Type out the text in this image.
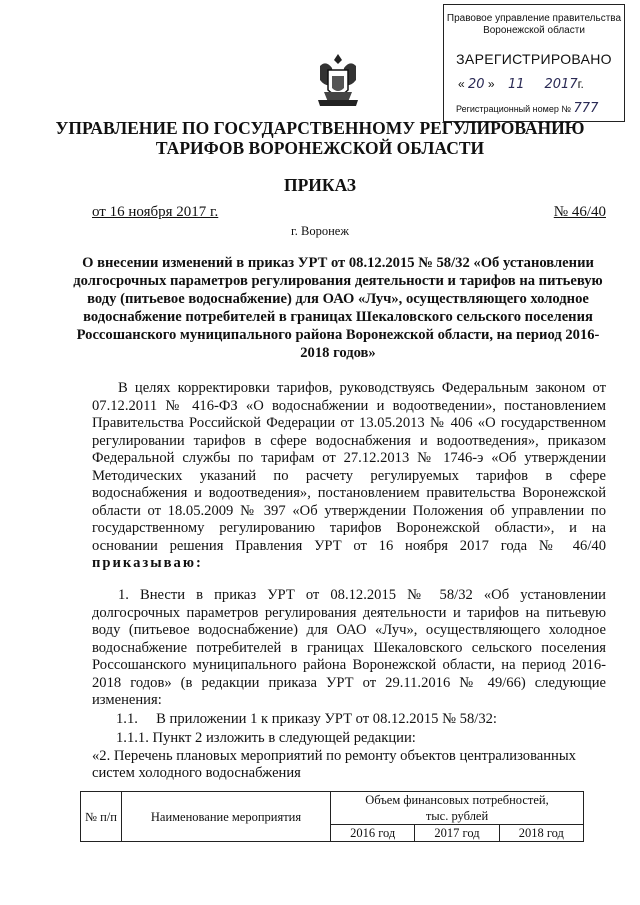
Правовое управление правительства
Воронежской области
ЗАРЕГИСТРИРОВАНО
« 20 » 11 2017г.
Регистрационный номер № 777
УПРАВЛЕНИЕ ПО ГОСУДАРСТВЕННОМУ РЕГУЛИРОВАНИЮ
ТАРИФОВ ВОРОНЕЖСКОЙ ОБЛАСТИ
ПРИКАЗ
от 16 ноября 2017 г.	№ 46/40
г. Воронеж
О внесении изменений в приказ УРТ от 08.12.2015 № 58/32 «Об установлении долгосрочных параметров регулирования деятельности и тарифов на питьевую воду (питьевое водоснабжение) для ОАО «Луч», осуществляющего холодное водоснабжение потребителей в границах Шекаловского сельского поселения Россошанского муниципального района Воронежской области, на период 2016-2018 годов»
В целях корректировки тарифов, руководствуясь Федеральным законом от 07.12.2011 № 416-ФЗ «О водоснабжении и водоотведении», постановлением Правительства Российской Федерации от 13.05.2013 № 406 «О государственном регулировании тарифов в сфере водоснабжения и водоотведения», приказом Федеральной службы по тарифам от 27.12.2013 № 1746-э «Об утверждении Методических указаний по расчету регулируемых тарифов в сфере водоснабжения и водоотведения», постановлением правительства Воронежской области от 18.05.2009 № 397 «Об утверждении Положения об управлении по государственному регулированию тарифов Воронежской области», и на основании решения Правления УРТ от 16 ноября 2017 года № 46/40 приказываю:
1. Внести в приказ УРТ от 08.12.2015 № 58/32 «Об установлении долгосрочных параметров регулирования деятельности и тарифов на питьевую воду (питьевое водоснабжение) для ОАО «Луч», осуществляющего холодное водоснабжение потребителей в границах Шекаловского сельского поселения Россошанского муниципального района Воронежской области, на период 2016-2018 годов» (в редакции приказа УРТ от 29.11.2016 № 49/66) следующие изменения:
1.1. В приложении 1 к приказу УРТ от 08.12.2015 № 58/32:
1.1.1. Пункт 2 изложить в следующей редакции:
«2. Перечень плановых мероприятий по ремонту объектов централизованных
систем холодного водоснабжения
№ п/п	Наименование мероприятия	Объем финансовых потребностей,		
		тыс. рублей		
		2016 год	2017 год	2018 год
